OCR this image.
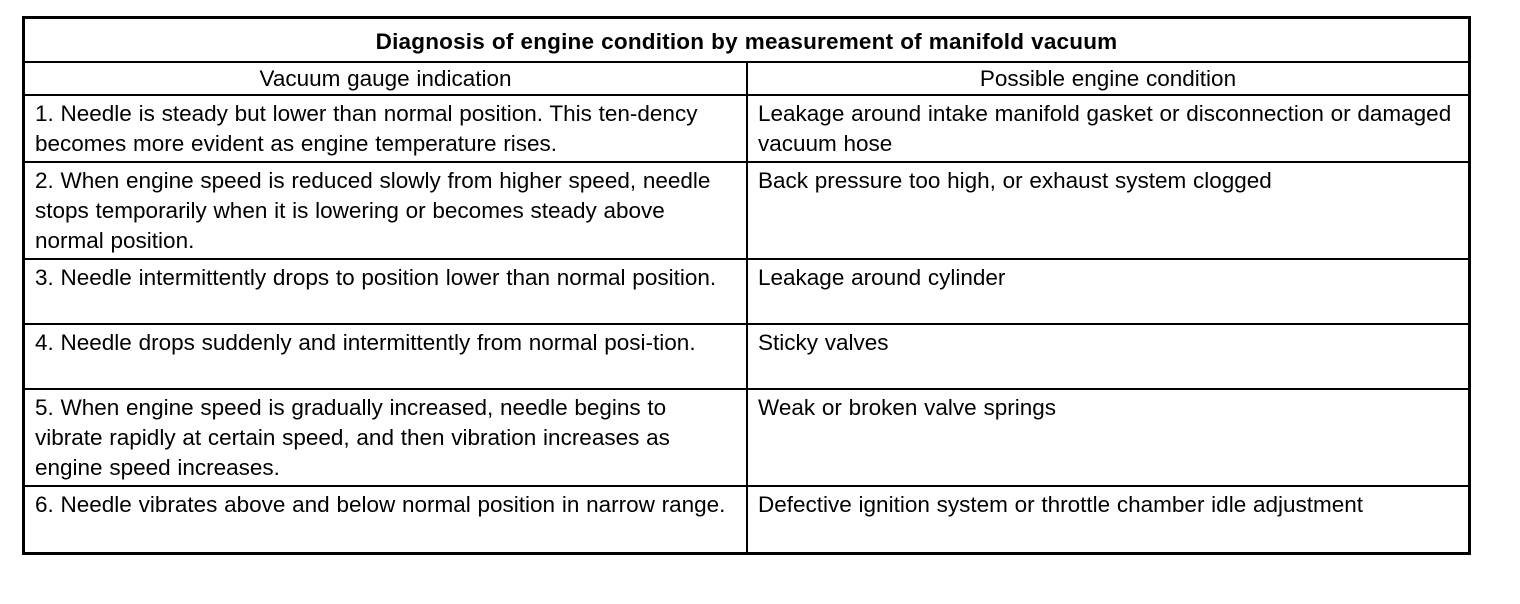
Diagnosis of engine condition by measurement of manifold vacuum	
Vacuum gauge indication	Possible engine condition
1. Needle is steady but lower than normal position. This ten-dency becomes more evident as engine temperature rises.	Leakage around intake manifold gasket or disconnection or damaged vacuum hose
2. When engine speed is reduced slowly from higher speed, needle stops temporarily when it is lowering or becomes steady above normal position.	Back pressure too high, or exhaust system clogged
3. Needle intermittently drops to position lower than normal position.	Leakage around cylinder
4. Needle drops suddenly and intermittently from normal posi-tion.	Sticky valves
5. When engine speed is gradually increased, needle begins to vibrate rapidly at certain speed, and then vibration increases as engine speed increases.	Weak or broken valve springs
6. Needle vibrates above and below normal position in narrow range.	Defective ignition system or throttle chamber idle adjustment
